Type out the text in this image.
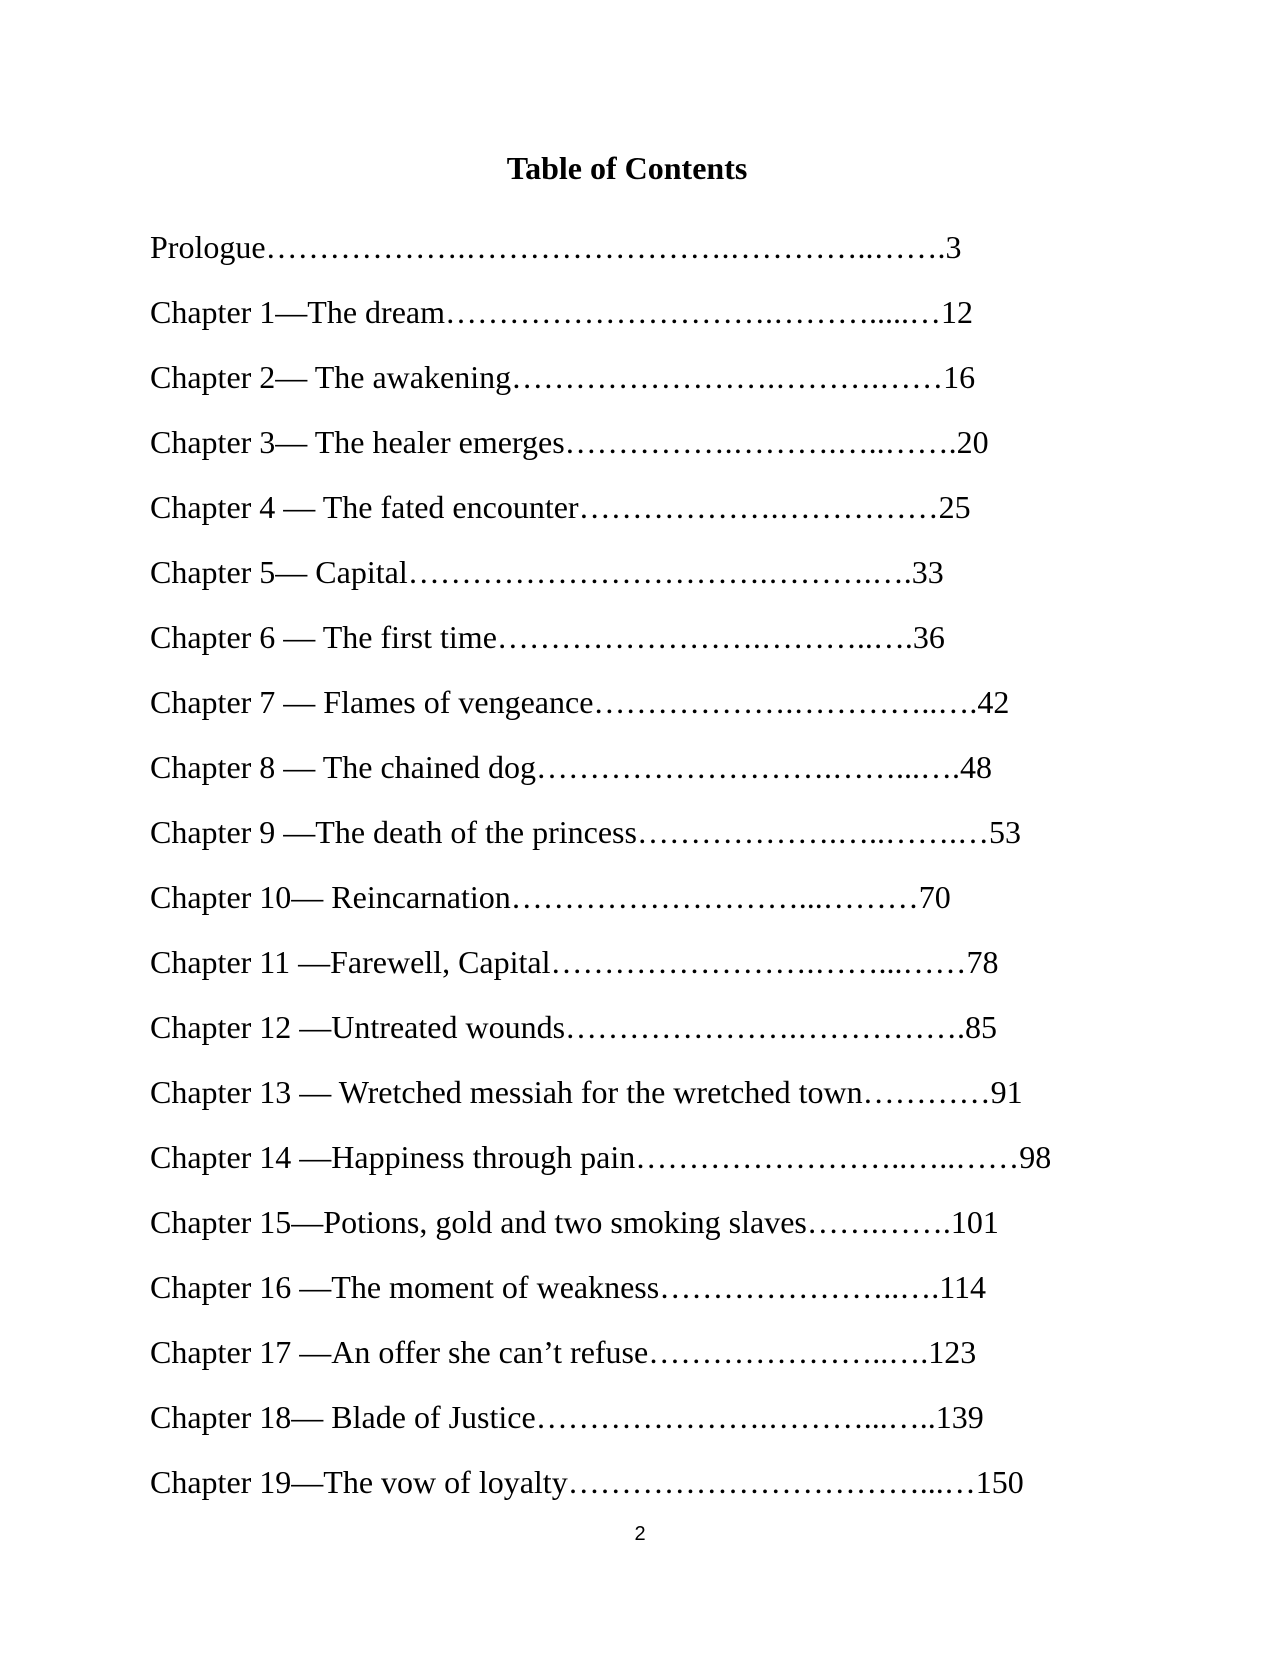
Table of Contents
Prologue……………….…………………….…………..…….3
Chapter 1—The dream………………………….……….....…12
Chapter 2— The awakening…………………….……….……16
Chapter 3— The healer emerges…………….……….…..…….20
Chapter 4 — The fated encounter……………….……………25
Chapter 5— Capital…………………………….……….….33
Chapter 6 — The first time…………………….………..….36
Chapter 7 — Flames of vengeance……………….…………..….42
Chapter 8 — The chained dog……………………….……...….48
Chapter 9 —The death of the princess……………….…..…….…53
Chapter 10— Reincarnation………………………...………70
Chapter 11 —Farewell, Capital…………………….……...……78
Chapter 12 —Untreated wounds………………….…………….85
Chapter 13 — Wretched messiah for the wretched town…………91
Chapter 14 —Happiness through pain……………………..…..……98
Chapter 15—Potions, gold and two smoking slaves…….…….101
Chapter 16 —The moment of weakness…………………..….114
Chapter 17 —An offer she can’t refuse…………………..….123
Chapter 18— Blade of Justice………………….………...…..139
Chapter 19—The vow of loyalty……………………………...…150
2
